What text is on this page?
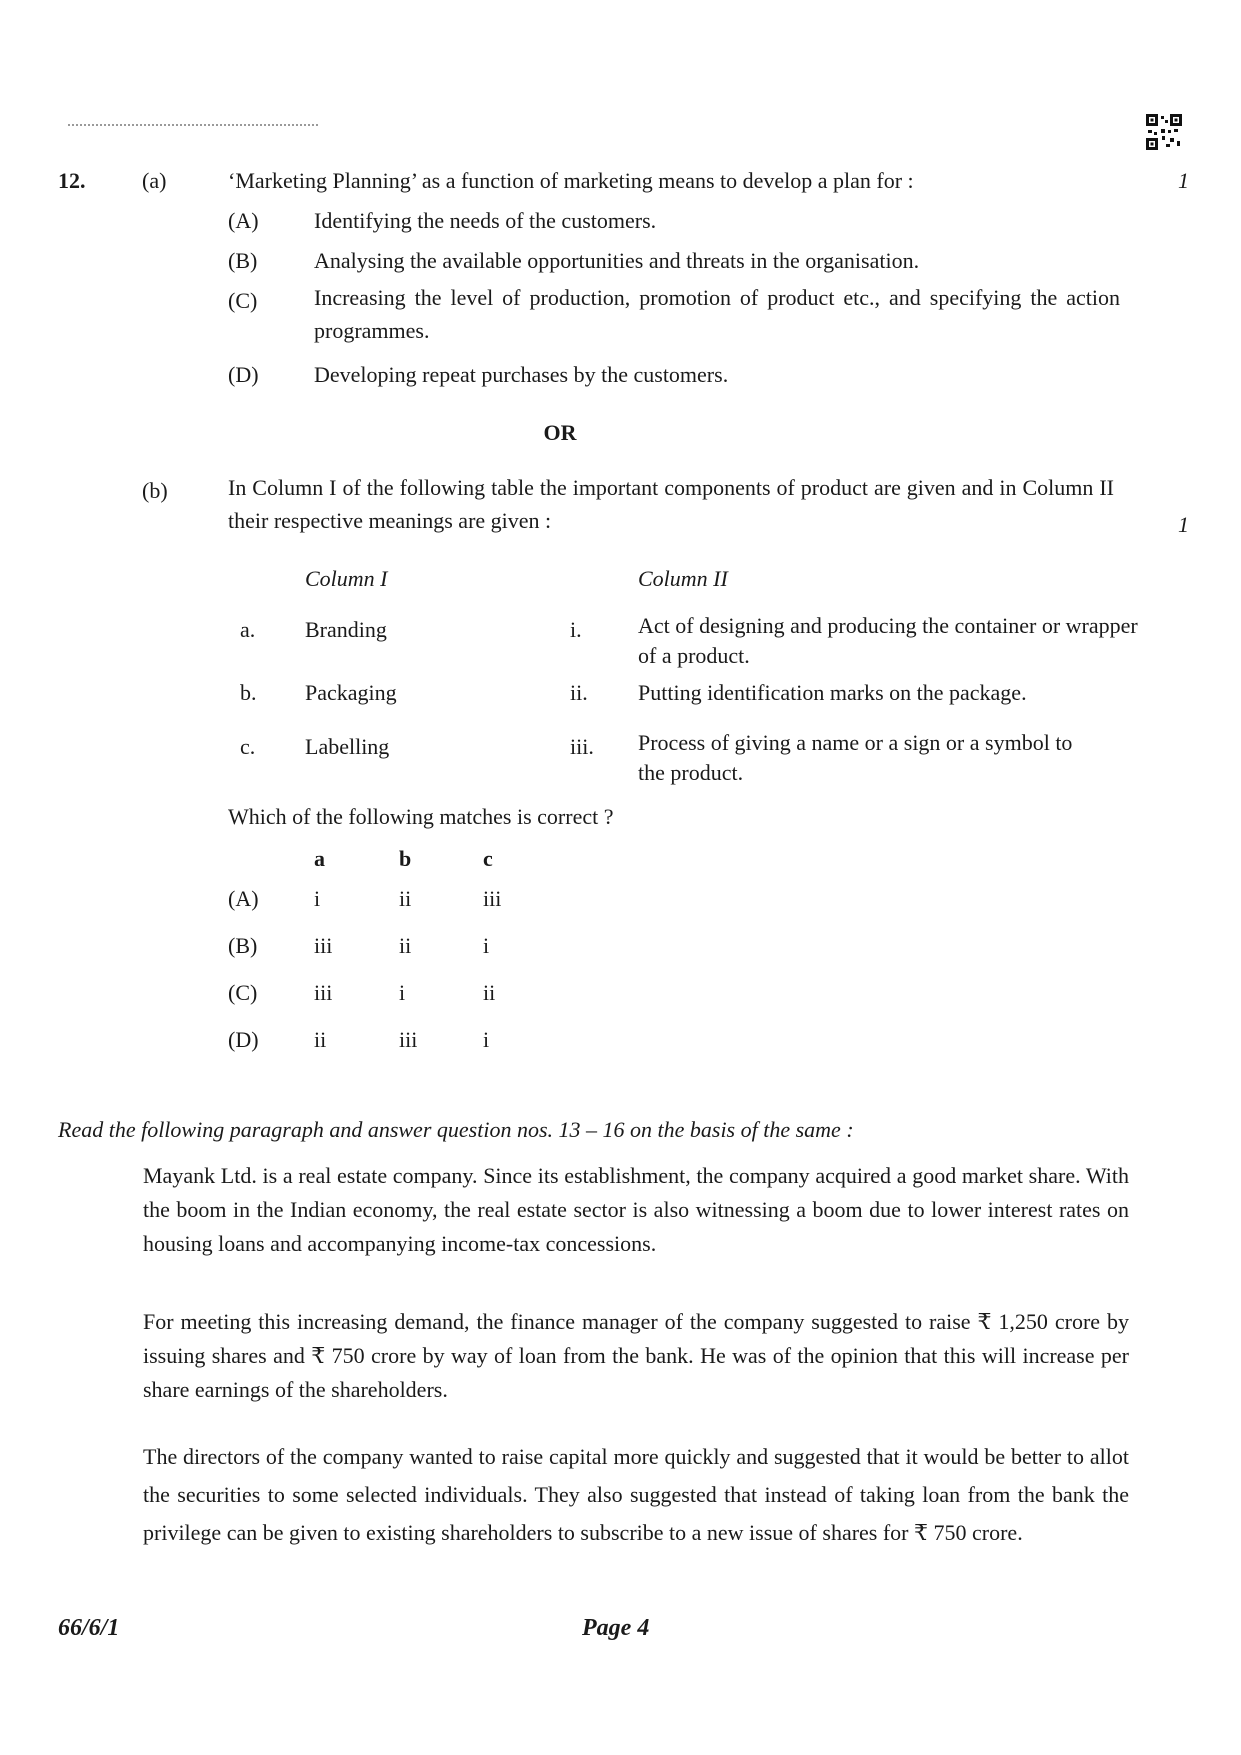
12.	(a)	‘Marketing Planning’ as a function of marketing means to develop a plan for :	1
(A)	Identifying the needs of the customers.
(B)	Analysing the available opportunities and threats in the organisation.
(C)	Increasing the level of production, promotion of product etc., and specifying the action programmes.
(D)	Developing repeat purchases by the customers.
OR
(b)	In Column I of the following table the important components of product are given and in Column II their respective meanings are given :	1
Column I	Column II
a. Branding	i.	Act of designing and producing the container or wrapper of a product.
b. Packaging	ii. Putting identification marks on the package.
c. Labelling	iii. Process of giving a name or a sign or a symbol to the product.
Which of the following matches is correct ?
a	b	c
(A)	i	ii	iii
(B)	iii	ii	i
(C)	iii	i	ii
(D)	ii	iii	i
Read the following paragraph and answer question nos. 13 – 16 on the basis of the same :
Mayank Ltd. is a real estate company. Since its establishment, the company acquired a good market share. With the boom in the Indian economy, the real estate sector is also witnessing a boom due to lower interest rates on housing loans and accompanying income-tax concessions.
For meeting this increasing demand, the finance manager of the company suggested to raise ₹ 1,250 crore by issuing shares and ₹ 750 crore by way of loan from the bank. He was of the opinion that this will increase per share earnings of the shareholders.
The directors of the company wanted to raise capital more quickly and suggested that it would be better to allot the securities to some selected individuals. They also suggested that instead of taking loan from the bank the privilege can be given to existing shareholders to subscribe to a new issue of shares for ₹ 750 crore.
66/6/1	Page 4
